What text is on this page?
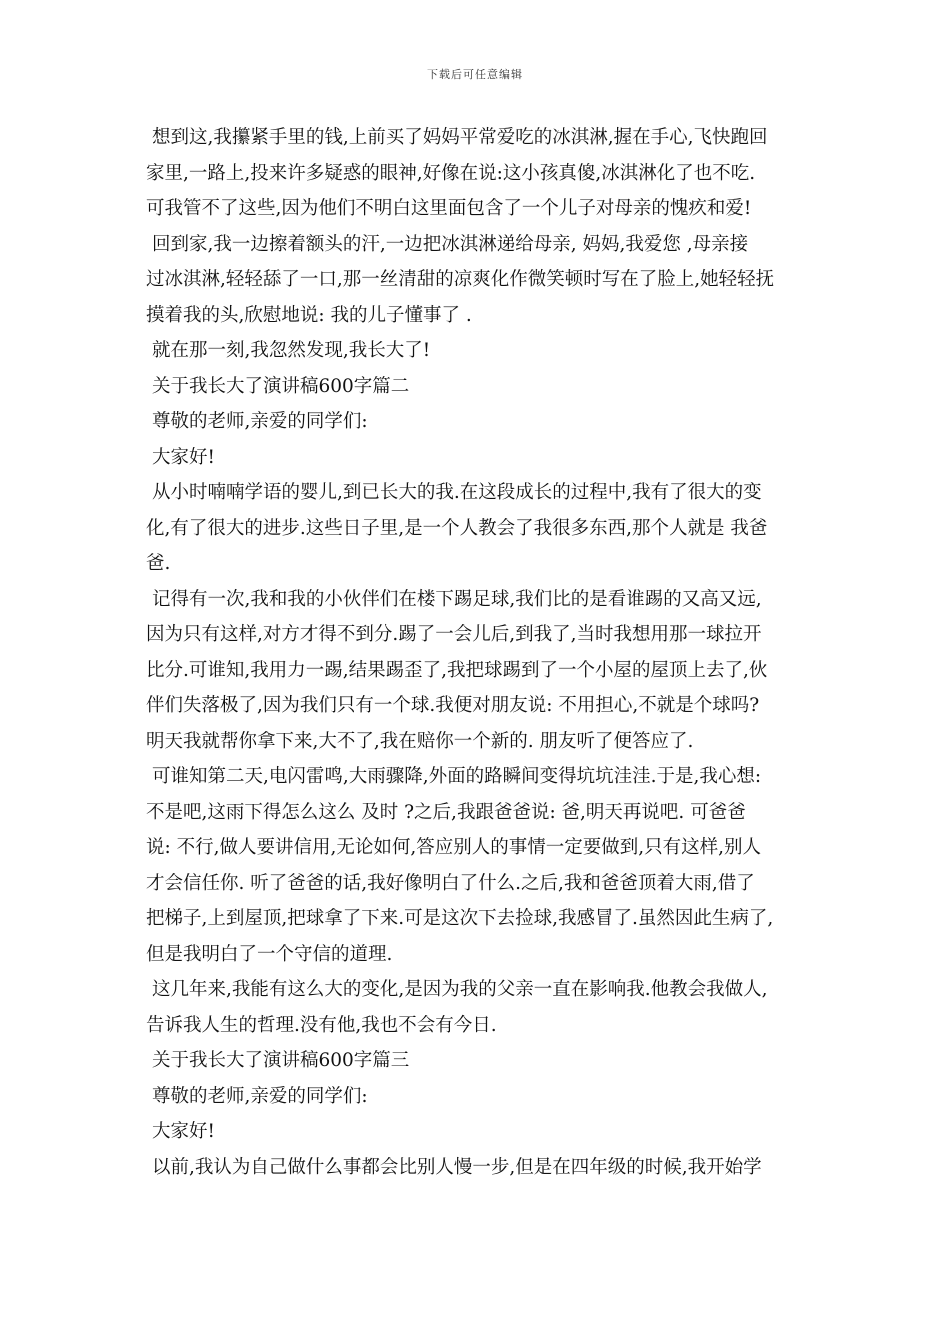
下载后可任意编辑
想到这,我攥紧手里的钱,上前买了妈妈平常爱吃的冰淇淋,握在手心,飞快跑回
家里,一路上,投来许多疑惑的眼神,好像在说:这小孩真傻,冰淇淋化了也不吃.
可我管不了这些,因为他们不明白这里面包含了一个儿子对母亲的愧疚和爱!
回到家,我一边擦着额头的汗,一边把冰淇淋递给母亲, 妈妈,我爱您 ,母亲接
过冰淇淋,轻轻舔了一口,那一丝清甜的凉爽化作微笑顿时写在了脸上,她轻轻抚
摸着我的头,欣慰地说: 我的儿子懂事了 .
就在那一刻,我忽然发现,我长大了!
关于我长大了演讲稿600字篇二
尊敬的老师,亲爱的同学们:
大家好!
从小时喃喃学语的婴儿,到已长大的我.在这段成长的过程中,我有了很大的变
化,有了很大的进步.这些日子里,是一个人教会了我很多东西,那个人就是 我爸
爸.
记得有一次,我和我的小伙伴们在楼下踢足球,我们比的是看谁踢的又高又远,
因为只有这样,对方才得不到分.踢了一会儿后,到我了,当时我想用那一球拉开
比分.可谁知,我用力一踢,结果踢歪了,我把球踢到了一个小屋的屋顶上去了,伙
伴们失落极了,因为我们只有一个球.我便对朋友说: 不用担心,不就是个球吗?
明天我就帮你拿下来,大不了,我在赔你一个新的. 朋友听了便答应了.
可谁知第二天,电闪雷鸣,大雨骤降,外面的路瞬间变得坑坑洼洼.于是,我心想:
不是吧,这雨下得怎么这么 及时 ?之后,我跟爸爸说: 爸,明天再说吧. 可爸爸
说: 不行,做人要讲信用,无论如何,答应别人的事情一定要做到,只有这样,别人
才会信任你. 听了爸爸的话,我好像明白了什么.之后,我和爸爸顶着大雨,借了
把梯子,上到屋顶,把球拿了下来.可是这次下去捡球,我感冒了.虽然因此生病了,
但是我明白了一个守信的道理.
这几年来,我能有这么大的变化,是因为我的父亲一直在影响我.他教会我做人,
告诉我人生的哲理.没有他,我也不会有今日.
关于我长大了演讲稿600字篇三
尊敬的老师,亲爱的同学们:
大家好!
以前,我认为自己做什么事都会比别人慢一步,但是在四年级的时候,我开始学
